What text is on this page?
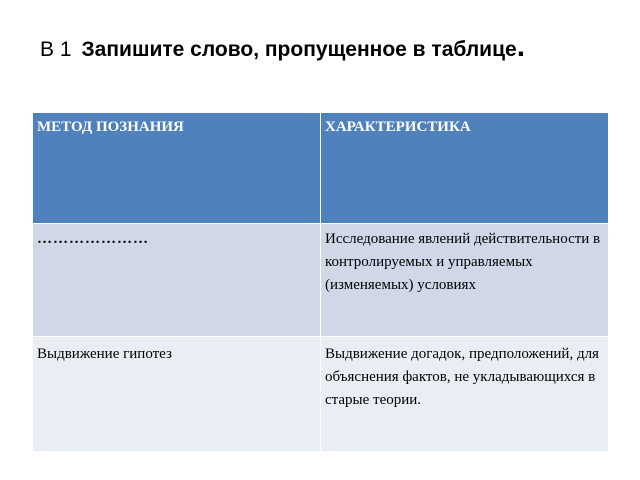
В 1 Запишите слово, пропущенное в таблице.
МЕТОД ПОЗНАНИЯ	ХАРАКТЕРИСТИКА
…………………	Исследование явлений действительности в контролируемых и управляемых (изменяемых) условиях
Выдвижение гипотез	Выдвижение догадок, предположений, для объяснения фактов, не укладывающихся в старые теории.
